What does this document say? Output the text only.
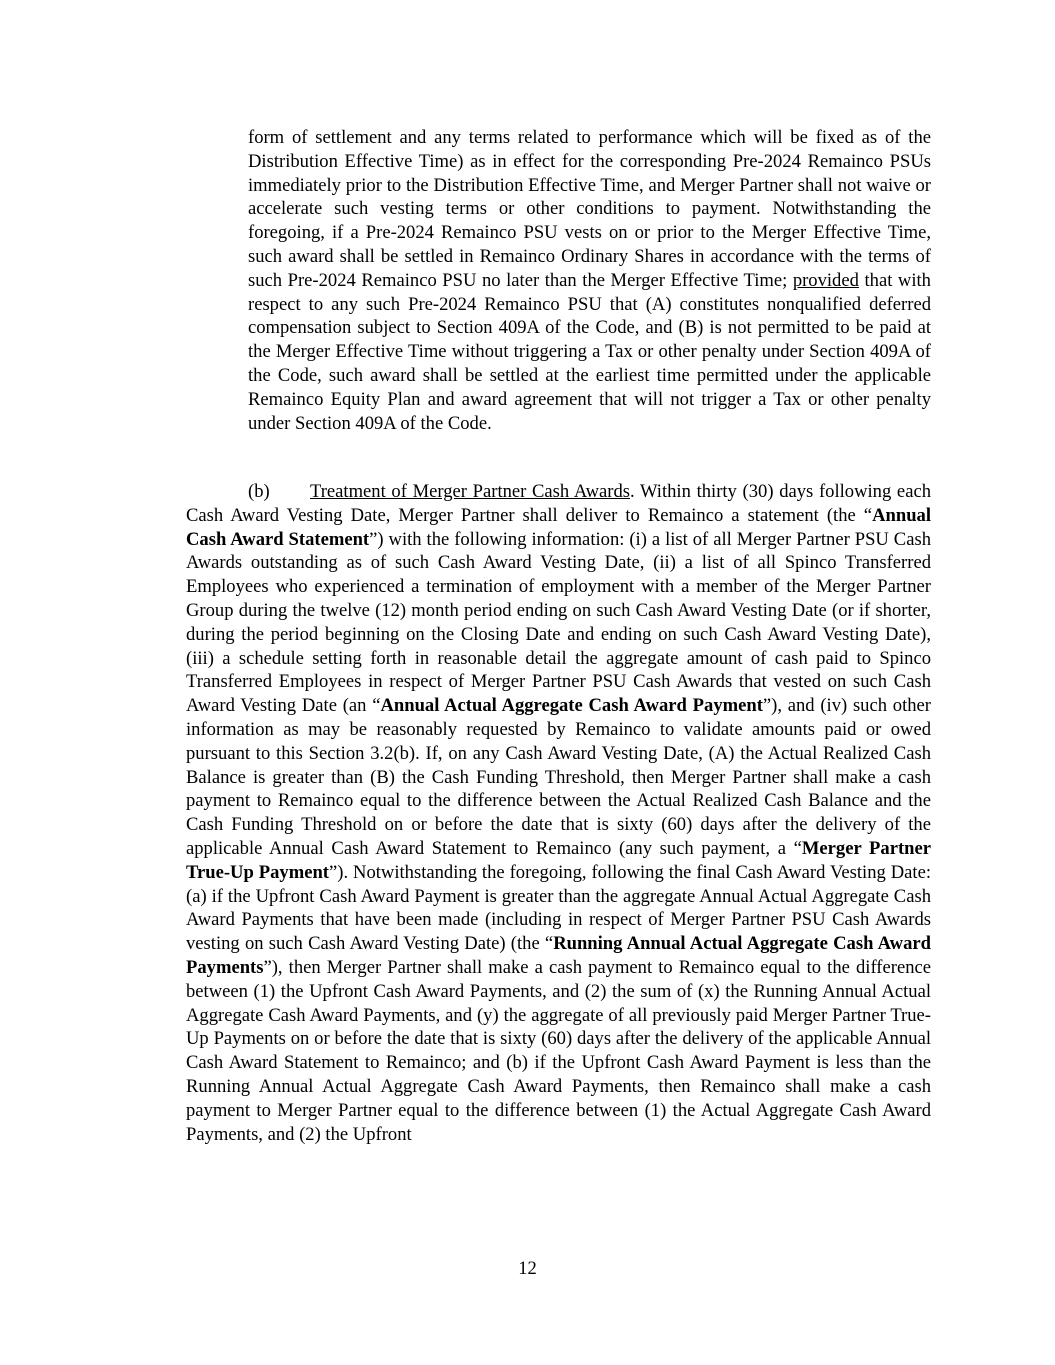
form of settlement and any terms related to performance which will be fixed as of the Distribution Effective Time) as in effect for the corresponding Pre-2024 Remainco PSUs immediately prior to the Distribution Effective Time, and Merger Partner shall not waive or accelerate such vesting terms or other conditions to payment. Notwithstanding the foregoing, if a Pre-2024 Remainco PSU vests on or prior to the Merger Effective Time, such award shall be settled in Remainco Ordinary Shares in accordance with the terms of such Pre-2024 Remainco PSU no later than the Merger Effective Time; provided that with respect to any such Pre-2024 Remainco PSU that (A) constitutes nonqualified deferred compensation subject to Section 409A of the Code, and (B) is not permitted to be paid at the Merger Effective Time without triggering a Tax or other penalty under Section 409A of the Code, such award shall be settled at the earliest time permitted under the applicable Remainco Equity Plan and award agreement that will not trigger a Tax or other penalty under Section 409A of the Code.

(b) Treatment of Merger Partner Cash Awards. Within thirty (30) days following each Cash Award Vesting Date, Merger Partner shall deliver to Remainco a statement (the “Annual Cash Award Statement”) with the following information: (i) a list of all Merger Partner PSU Cash Awards outstanding as of such Cash Award Vesting Date, (ii) a list of all Spinco Transferred Employees who experienced a termination of employment with a member of the Merger Partner Group during the twelve (12) month period ending on such Cash Award Vesting Date (or if shorter, during the period beginning on the Closing Date and ending on such Cash Award Vesting Date), (iii) a schedule setting forth in reasonable detail the aggregate amount of cash paid to Spinco Transferred Employees in respect of Merger Partner PSU Cash Awards that vested on such Cash Award Vesting Date (an “Annual Actual Aggregate Cash Award Payment”), and (iv) such other information as may be reasonably requested by Remainco to validate amounts paid or owed pursuant to this Section 3.2(b). If, on any Cash Award Vesting Date, (A) the Actual Realized Cash Balance is greater than (B) the Cash Funding Threshold, then Merger Partner shall make a cash payment to Remainco equal to the difference between the Actual Realized Cash Balance and the Cash Funding Threshold on or before the date that is sixty (60) days after the delivery of the applicable Annual Cash Award Statement to Remainco (any such payment, a “Merger Partner True-Up Payment”). Notwithstanding the foregoing, following the final Cash Award Vesting Date: (a) if the Upfront Cash Award Payment is greater than the aggregate Annual Actual Aggregate Cash Award Payments that have been made (including in respect of Merger Partner PSU Cash Awards vesting on such Cash Award Vesting Date) (the “Running Annual Actual Aggregate Cash Award Payments”), then Merger Partner shall make a cash payment to Remainco equal to the difference between (1) the Upfront Cash Award Payments, and (2) the sum of (x) the Running Annual Actual Aggregate Cash Award Payments, and (y) the aggregate of all previously paid Merger Partner True-Up Payments on or before the date that is sixty (60) days after the delivery of the applicable Annual Cash Award Statement to Remainco; and (b) if the Upfront Cash Award Payment is less than the Running Annual Actual Aggregate Cash Award Payments, then Remainco shall make a cash payment to Merger Partner equal to the difference between (1) the Actual Aggregate Cash Award Payments, and (2) the Upfront

12
